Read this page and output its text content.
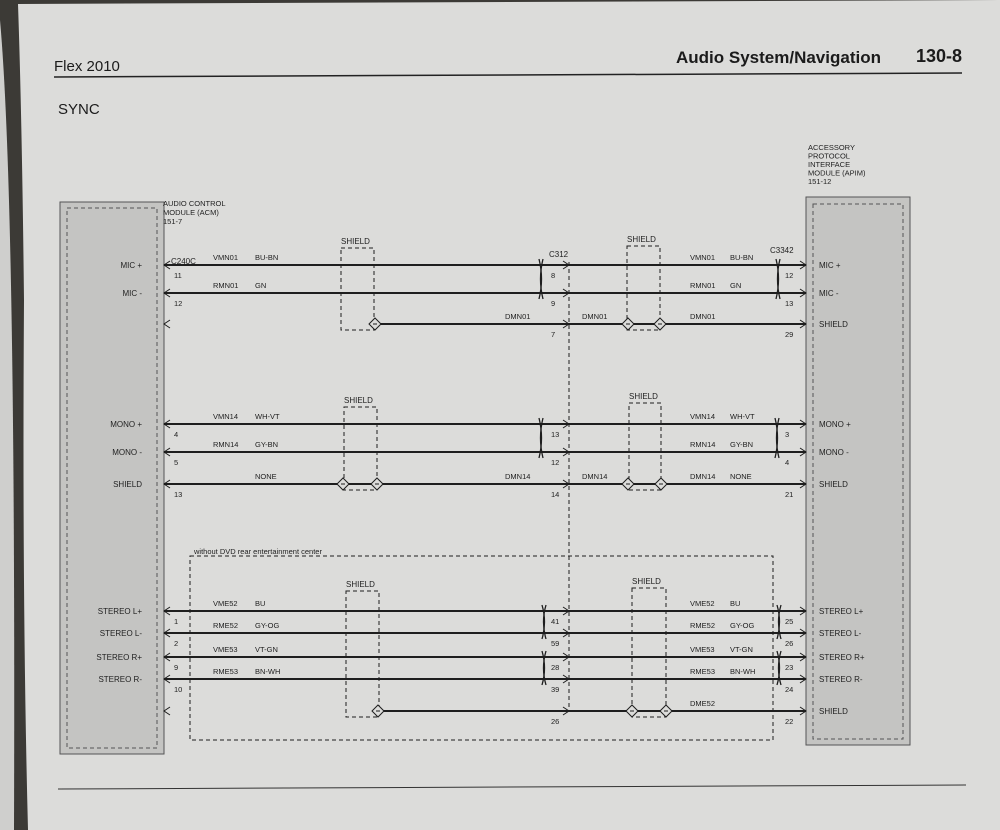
AUDIO CONTROL
MODULE (ACM)
151-7
ACCESSORY
PROTOCOL
INTERFACE
MODULE (APIM)
151-12
C240C
C312	C3342
without DVD rear entertainment center
SHIELD	SHIELD
MIC +
11
VMN01 BU-BN
8
VMN01 BU-BN
12
MIC +
MIC -
12
RMN01 GN
9
RMN01 GN
13
MIC -
DMN01
7
DMN01	DMN01
29
SHIELD
SHIELD	SHIELD
MONO +
4
VMN14 WH-VT
13
VMN14 WH-VT
3
MONO +
MONO -
5
RMN14 GY-BN
12
RMN14 GY-BN
4
MONO -
SHIELD
13
DMN14
NONE
14
DMN14	DMN14 NONE
21
SHIELD
SHIELD	SHIELD
STEREO L+
1
VME52 BU
41
VME52 BU
25
STEREO L+
STEREO L-
2
RME52 GY-OG
59
RME52 GY-OG
26
STEREO L-
STEREO R+
9
VME53 VT-GN
28
VME53 VT-GN
23
STEREO R+
STEREO R-
10
RME53 BN-WH
39
RME53 BN-WH
24
STEREO R-
26
DME52
22
SHIELD
Flex 2010	Audio System/Navigation 130-8
SYNC
